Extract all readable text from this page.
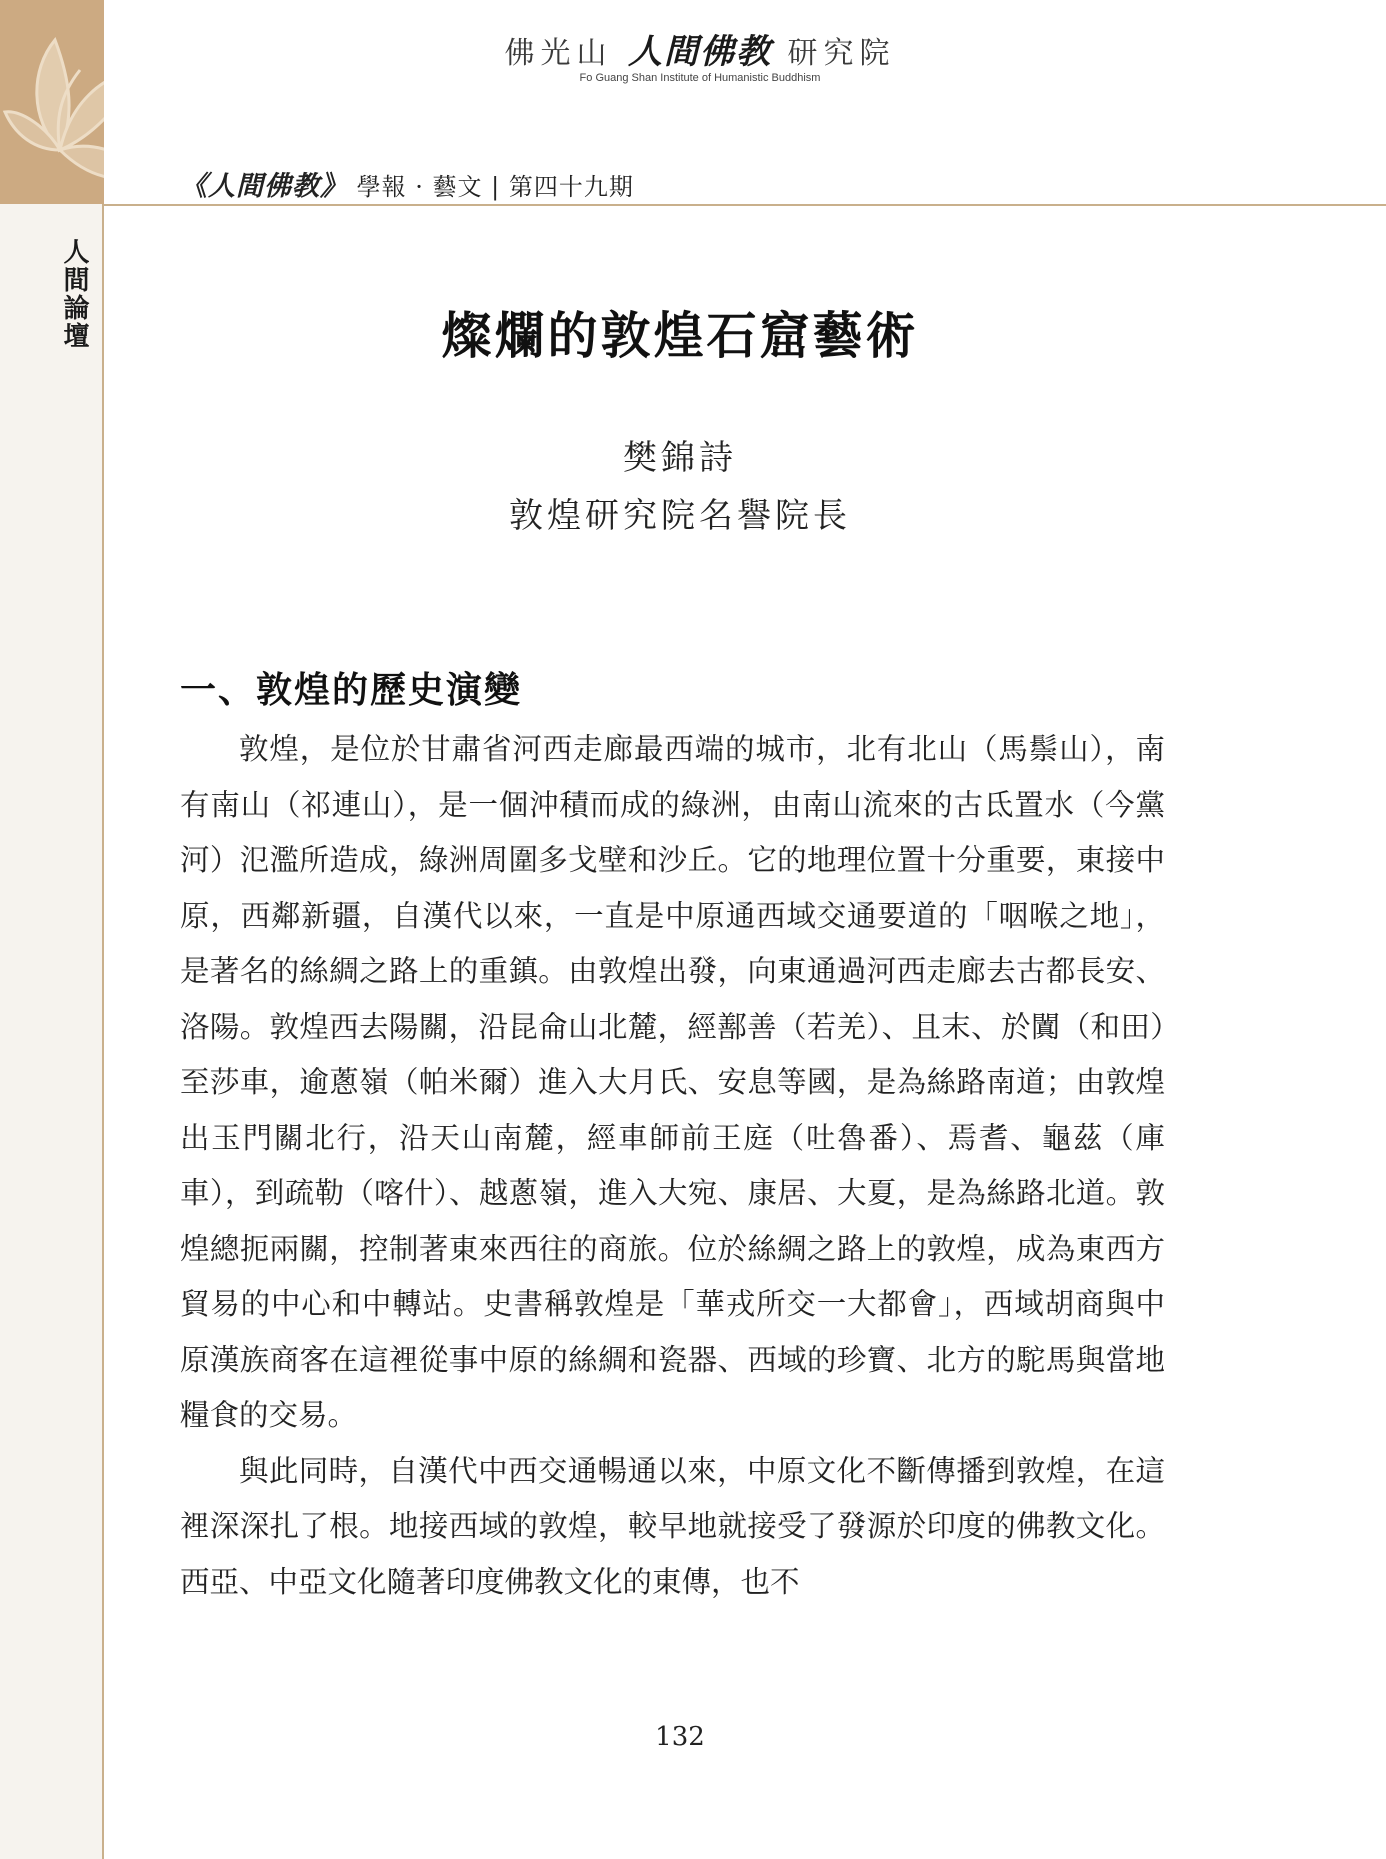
佛光山 人間佛教 研究院
Fo Guang Shan Institute of Humanistic Buddhism
《人間佛教》 學報 · 藝文 | 第四十九期
人間論壇	燦爛的敦煌石窟藝術
樊錦詩
敦煌研究院名譽院長
一、敦煌的歷史演變

敦煌，是位於甘肅省河西走廊最西端的城市，北有北山（馬鬃山），南有南山（祁連山），是一個沖積而成的綠洲，由南山流來的古氐置水（今黨河）氾濫所造成，綠洲周圍多戈壁和沙丘。它的地理位置十分重要，東接中原，西鄰新疆，自漢代以來，一直是中原通西域交通要道的「咽喉之地」，是著名的絲綢之路上的重鎮。由敦煌出發，向東通過河西走廊去古都長安、洛陽。敦煌西去陽關，沿昆侖山北麓，經鄯善（若羌）、且末、於闐（和田）至莎車，逾蔥嶺（帕米爾）進入大月氏、安息等國，是為絲路南道；由敦煌出玉門關北行，沿天山南麓，經車師前王庭（吐魯番）、焉耆、龜茲（庫車），到疏勒（喀什）、越蔥嶺，進入大宛、康居、大夏，是為絲路北道。敦煌總扼兩關，控制著東來西往的商旅。位於絲綢之路上的敦煌，成為東西方貿易的中心和中轉站。史書稱敦煌是「華戎所交一大都會」，西域胡商與中原漢族商客在這裡從事中原的絲綢和瓷器、西域的珍寶、北方的駝馬與當地糧食的交易。

與此同時，自漢代中西交通暢通以來，中原文化不斷傳播到敦煌，在這裡深深扎了根。地接西域的敦煌，較早地就接受了發源於印度的佛教文化。西亞、中亞文化隨著印度佛教文化的東傳，也不

132
